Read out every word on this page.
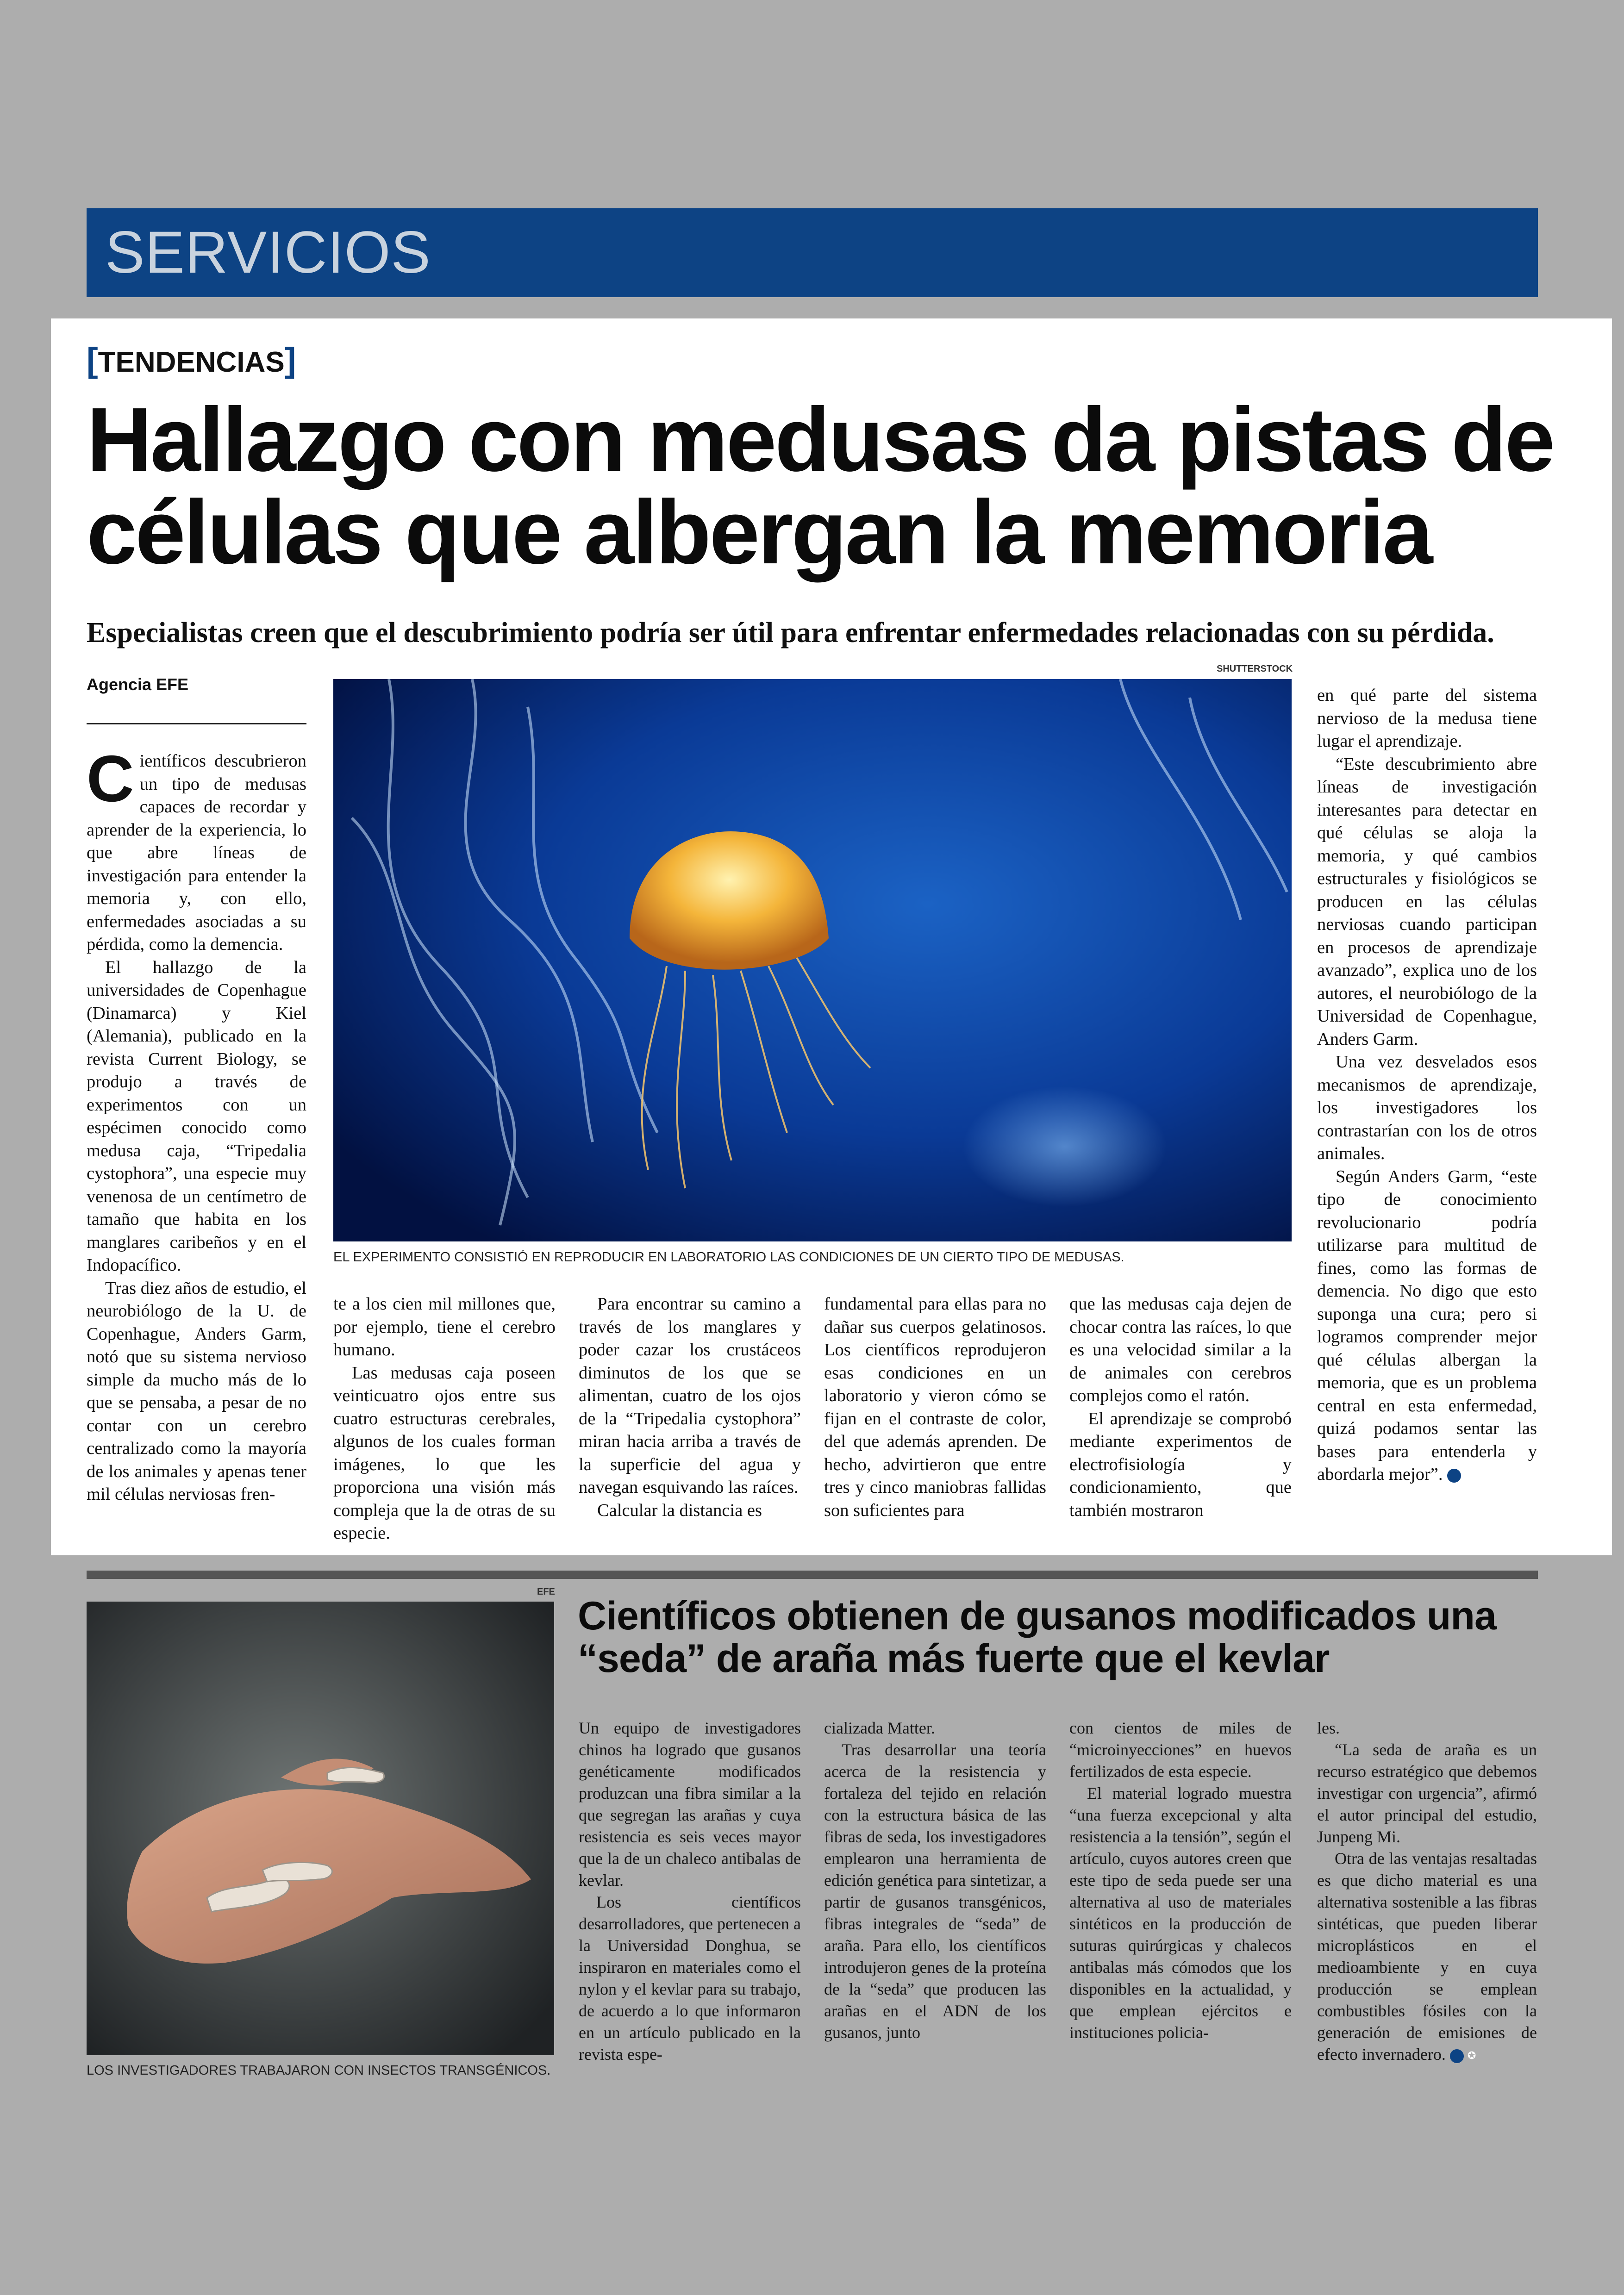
SERVICIOS
[TENDENCIAS]
Hallazgo con medusas da pistas de
células que albergan la memoria
Especialistas creen que el descubrimiento podría ser útil para enfrentar enfermedades relacionadas con su pérdida.
Agencia EFE
SHUTTERSTOCK
EL EXPERIMENTO CONSISTIÓ EN REPRODUCIR EN LABORATORIO LAS CONDICIONES DE UN CIERTO TIPO DE MEDUSAS.

Científicos descubrieron un tipo de medusas capaces de recordar y aprender de la experiencia, lo que abre líneas de investigación para entender la memoria y, con ello, enfermedades asociadas a su pérdida, como la demencia.

El hallazgo de la universidades de Copenhague (Dinamarca) y Kiel (Alemania), publicado en la revista Current Biology, se produjo a través de experimentos con un espécimen conocido como medusa caja, “Tripedalia cystophora”, una especie muy venenosa de un centímetro de tamaño que habita en los manglares caribeños y en el Indopacífico.

Tras diez años de estudio, el neurobiólogo de la U. de Copenhague, Anders Garm, notó que su sistema nervioso simple da mucho más de lo que se pensaba, a pesar de no contar con un cerebro centralizado como la mayoría de los animales y apenas tener mil células nerviosas fren-

te a los cien mil millones que, por ejemplo, tiene el cerebro humano.

Las medusas caja poseen veinticuatro ojos entre sus cuatro estructuras cerebrales, algunos de los cuales forman imágenes, lo que les proporciona una visión más compleja que la de otras de su especie.

Para encontrar su camino a través de los manglares y poder cazar los crustáceos diminutos de los que se alimentan, cuatro de los ojos de la “Tripedalia cystophora” miran hacia arriba a través de la superficie del agua y navegan esquivando las raíces.

Calcular la distancia es

fundamental para ellas para no dañar sus cuerpos gelatinosos. Los científicos reprodujeron esas condiciones en un laboratorio y vieron cómo se fijan en el contraste de color, del que además aprenden. De hecho, advirtieron que entre tres y cinco maniobras fallidas son suficientes para

que las medusas caja dejen de chocar contra las raíces, lo que es una velocidad similar a la de animales con cerebros complejos como el ratón.

El aprendizaje se comprobó mediante experimentos de electrofisiología y condicionamiento, que también mostraron

en qué parte del sistema nervioso de la medusa tiene lugar el aprendizaje.

“Este descubrimiento abre líneas de investigación interesantes para detectar en qué células se aloja la memoria, y qué cambios estructurales y fisiológicos se producen en las células nerviosas cuando participan en procesos de aprendizaje avanzado”, explica uno de los autores, el neurobiólogo de la Universidad de Copenhague, Anders Garm.

Una vez desvelados esos mecanismos de aprendizaje, los investigadores los contrastarían con los de otros animales.

Según Anders Garm, “este tipo de conocimiento revolucionario podría utilizarse para multitud de fines, como las formas de demencia. No digo que esto suponga una cura; pero si logramos comprender mejor qué células albergan la memoria, que es un problema central en esta enfermedad, quizá podamos sentar las bases para entenderla y abordarla mejor”. ✪

EFE
LOS INVESTIGADORES TRABAJARON CON INSECTOS TRANSGÉNICOS.
Científicos obtienen de gusanos modificados una
“seda” de araña más fuerte que el kevlar

Un equipo de investigadores chinos ha logrado que gusanos genéticamente modificados produzcan una fibra similar a la que segregan las arañas y cuya resistencia es seis veces mayor que la de un chaleco antibalas de kevlar.

Los científicos desarrolladores, que pertenecen a la Universidad Donghua, se inspiraron en materiales como el nylon y el kevlar para su trabajo, de acuerdo a lo que informaron en un artículo publicado en la revista espe-

cializada Matter.

Tras desarrollar una teoría acerca de la resistencia y fortaleza del tejido en relación con la estructura básica de las fibras de seda, los investigadores emplearon una herramienta de edición genética para sintetizar, a partir de gusanos transgénicos, fibras integrales de “seda” de araña. Para ello, los científicos introdujeron genes de la proteína de la “seda” que producen las arañas en el ADN de los gusanos, junto

con cientos de miles de “microinyecciones” en huevos fertilizados de esta especie.

El material logrado muestra “una fuerza excepcional y alta resistencia a la tensión”, según el artículo, cuyos autores creen que este tipo de seda puede ser una alternativa al uso de materiales sintéticos en la producción de suturas quirúrgicas y chalecos antibalas más cómodos que los disponibles en la actualidad, y que emplean ejércitos e instituciones policia-

les.

“La seda de araña es un recurso estratégico que debemos investigar con urgencia”, afirmó el autor principal del estudio, Junpeng Mi.

Otra de las ventajas resaltadas es que dicho material es una alternativa sostenible a las fibras sintéticas, que pueden liberar microplásticos en el medioambiente y en cuya producción se emplean combustibles fósiles con la generación de emisiones de efecto invernadero. ✪
